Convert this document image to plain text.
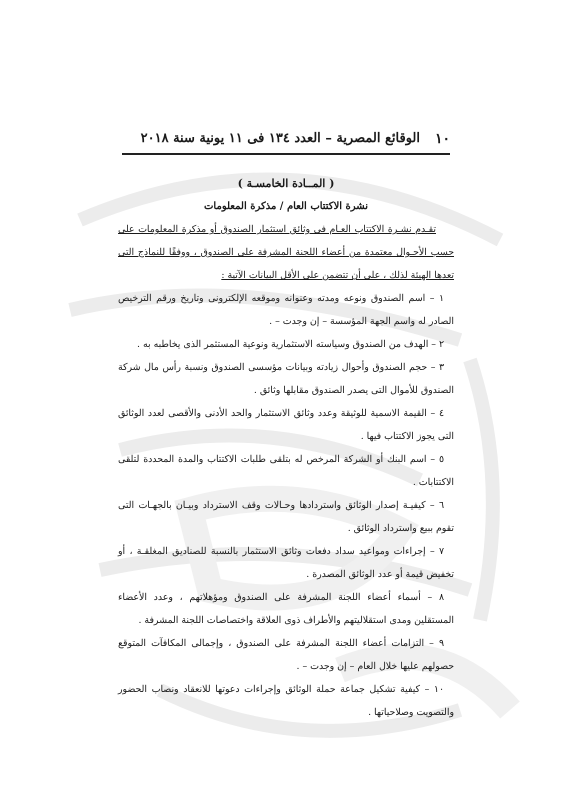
١٠
الوقائع المصرية – العدد ١٣٤ فى ١١ يونية سنة ٢٠١٨

( المــادة الخامسـة )

نشرة الاكتتاب العام / مذكرة المعلومات

تقـدم نشـرة الاكتتاب العـام فى وثائق استثمار الصندوق أو مذكرة المعلومات على حسب الأحـوال معتمدة من أعضاء اللجنة المشرفة على الصندوق ، ووفقًا للنماذج التى تعدها الهيئة لذلك ، على أن تتضمن على الأقل البيانات الآتية :

١ – اسم الصندوق ونوعه ومدته وعنوانه وموقعه الإلكترونى وتاريخ ورقم الترخيص الصادر له واسم الجهة المؤسسة – إن وجدت – .

٢ – الهدف من الصندوق وسياسته الاستثمارية ونوعية المستثمر الذى يخاطبه به .

٣ – حجم الصندوق وأحوال زيادته وبيانات مؤسسى الصندوق ونسبة رأس مال شركة الصندوق للأموال التى يصدر الصندوق مقابلها وثائق .

٤ – القيمة الاسمية للوثيقة وعدد وثائق الاستثمار والحد الأدنى والأقصى لعدد الوثائق التى يجوز الاكتتاب فيها .

٥ – اسم البنك أو الشركة المرخص له بتلقى طلبات الاكتتاب والمدة المحددة لتلقى الاكتتابات .

٦ – كيفيـة إصدار الوثائق واستردادها وحـالات وقف الاسترداد وبيـان بالجهـات التى تقوم ببيع واسترداد الوثائق .

٧ – إجراءات ومواعيد سداد دفعات وثائق الاستثمار بالنسبة للصناديق المغلقـة ، أو تخفيض قيمة أو عدد الوثائق المصدرة .

٨ – أسماء أعضاء اللجنة المشرفة على الصندوق ومؤهلاتهم ، وعدد الأعضاء المستقلين ومدى استقلاليتهم والأطراف ذوى العلاقة واختصاصات اللجنة المشرفة .

٩ – التزامات أعضاء اللجنة المشرفة على الصندوق ، وإجمالى المكافآت المتوقع حصولهم عليها خلال العام – إن وجدت – .

١٠ – كيفية تشكيل جماعة حملة الوثائق وإجراءات دعوتها للانعقاد ونصاب الحضور والتصويت وصلاحياتها .
